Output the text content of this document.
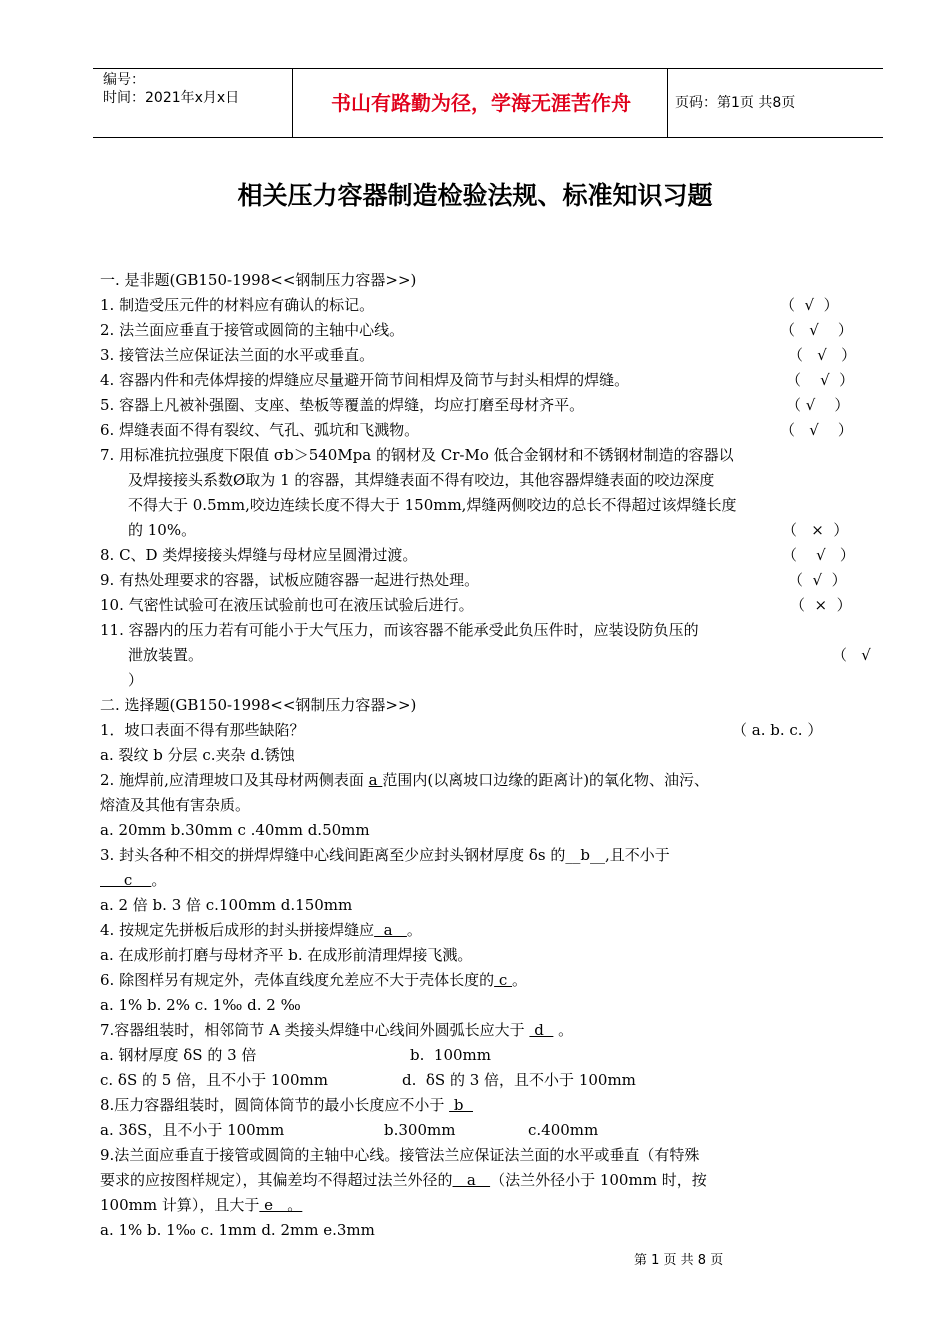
编号：
时间：2021年x月x日	书山有路勤为径，学海无涯苦作舟	页码：第1页 共8页
相关压力容器制造检验法规、标准知识习题
一. 是非题(GB150-1998<<钢制压力容器>>)
1. 制造受压元件的材料应有确认的标记。	（  √  ）
2. 法兰面应垂直于接管或圆筒的主轴中心线。	（   √    ）
3. 接管法兰应保证法兰面的水平或垂直。	（   √   ）
4. 容器内件和壳体焊接的焊缝应尽量避开筒节间相焊及筒节与封头相焊的焊缝。	（    √  ）
5. 容器上凡被补强圈、支座、垫板等覆盖的焊缝，均应打磨至母材齐平。	（ √    ）
6. 焊缝表面不得有裂纹、气孔、弧坑和飞溅物。	（   √    ）
7. 用标准抗拉强度下限值 σb＞540Mpa 的钢材及 Cr-Mo 低合金钢材和不锈钢材制造的容器以
及焊接接头系数Ø取为 1 的容器，其焊缝表面不得有咬边，其他容器焊缝表面的咬边深度
不得大于 0.5mm,咬边连续长度不得大于 150mm,焊缝两侧咬边的总长不得超过该焊缝长度
的 10%。	（   ×  ）
8. C、D 类焊接接头焊缝与母材应呈圆滑过渡。	（    √   ）
9. 有热处理要求的容器，试板应随容器一起进行热处理。	（  √  ）
10. 气密性试验可在液压试验前也可在液压试验后进行。	（  ×  ）
11. 容器内的压力若有可能小于大气压力，而该容器不能承受此负压件时，应装设防负压的
泄放装置。	（   √
）
二. 选择题(GB150-1998<<钢制压力容器>>)
1．坡口表面不得有那些缺陷？	（ a. b. c. ）
a. 裂纹 b 分层 c.夹杂 d.锈蚀
2. 施焊前,应清理坡口及其母材两侧表面 a 范围内(以离坡口边缘的距离计)的氧化物、油污、
熔渣及其他有害杂质。
a. 20mm b.30mm c .40mm d.50mm
3. 封头各种不相交的拼焊焊缝中心线间距离至少应封头钢材厚度 δs 的__b__,且不小于
c    。
a. 2 倍 b. 3 倍 c.100mm d.150mm
4. 按规定先拼板后成形的封头拼接焊缝应  a   。
a. 在成形前打磨与母材齐平 b. 在成形前清理焊接飞溅。
6. 除图样另有规定外，壳体直线度允差应不大于壳体长度的 c 。
a. 1% b. 2% c. 1‰ d. 2 ‰
7.容器组装时，相邻筒节 A 类接头焊缝中心线间外圆弧长应大于  d   。
a. 钢材厚度 δS 的 3 倍	b.  100mm
c. δS 的 5 倍，且不小于 100mm	d.  δS 的 3 倍，且不小于 100mm
8.压力容器组装时，圆筒体筒节的最小长度应不小于  b
a. 3δS，且不小于 100mm	b.300mm	c.400mm
9.法兰面应垂直于接管或圆筒的主轴中心线。接管法兰应保证法兰面的水平或垂直（有特殊
要求的应按图样规定），其偏差均不得超过法兰外径的   a   （法兰外径小于 100mm 时，按
100mm 计算），且大于 e   。
a. 1% b. 1‰ c. 1mm d. 2mm e.3mm
第 1 页 共 8 页
